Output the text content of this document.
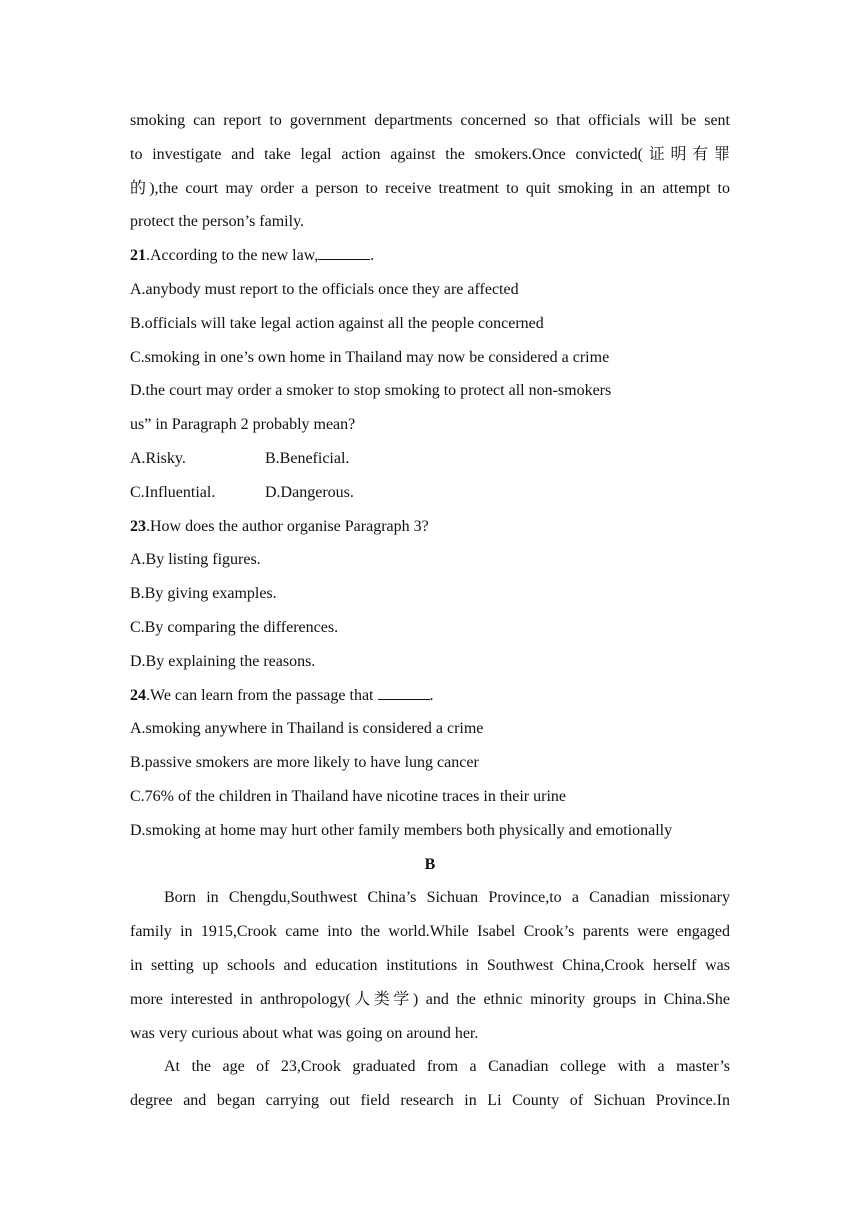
smoking can report to government departments concerned so that officials will be sent
to investigate and take legal action against the smokers.Once convicted(证明有罪
的),the court may order a person to receive treatment to quit smoking in an attempt to
protect the person’s family.
21.According to the new law,	.
A.anybody must report to the officials once they are affected
B.officials will take legal action against all the people concerned
C.smoking in one’s own home in Thailand may now be considered a crime
D.the court may order a smoker to stop smoking to protect all non-smokers
us” in Paragraph 2 probably mean?
A.Risky.	B.Beneficial.
C.Influential.	D.Dangerous.
23.How does the author organise Paragraph 3?
A.By listing figures.
B.By giving examples.
C.By comparing the differences.
D.By explaining the reasons.
24.We can learn from the passage that	.
A.smoking anywhere in Thailand is considered a crime
B.passive smokers are more likely to have lung cancer
C.76% of the children in Thailand have nicotine traces in their urine
D.smoking at home may hurt other family members both physically and emotionally
B
Born in Chengdu,Southwest China’s Sichuan Province,to a Canadian missionary
family in 1915,Crook came into the world.While Isabel Crook’s parents were engaged
in setting up schools and education institutions in Southwest China,Crook herself was
more interested in anthropology(人类学) and the ethnic minority groups in China.She
was very curious about what was going on around her.
At the age of 23,Crook graduated from a Canadian college with a master’s
degree and began carrying out field research in Li County of Sichuan Province.In
